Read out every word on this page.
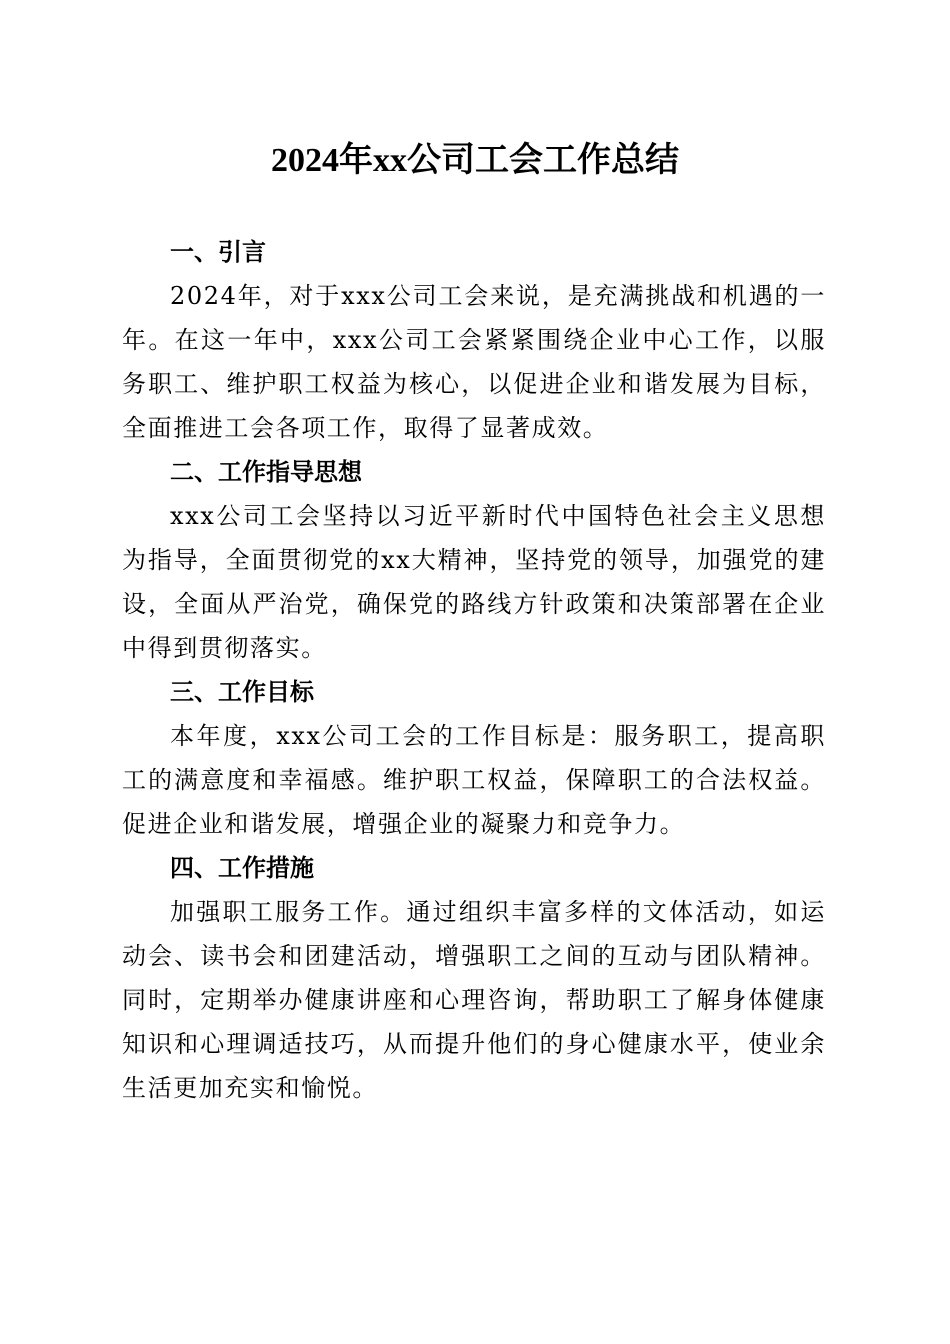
2024年xx公司工会工作总结

一、引言

2024年，对于xxx公司工会来说，是充满挑战和机遇的一年。在这一年中，xxx公司工会紧紧围绕企业中心工作，以服务职工、维护职工权益为核心，以促进企业和谐发展为目标，全面推进工会各项工作，取得了显著成效。

二、工作指导思想

xxx公司工会坚持以习近平新时代中国特色社会主义思想为指导，全面贯彻党的xx大精神，坚持党的领导，加强党的建设，全面从严治党，确保党的路线方针政策和决策部署在企业中得到贯彻落实。

三、工作目标

本年度，xxx公司工会的工作目标是：服务职工，提高职工的满意度和幸福感。维护职工权益，保障职工的合法权益。促进企业和谐发展，增强企业的凝聚力和竞争力。

四、工作措施

加强职工服务工作。通过组织丰富多样的文体活动，如运动会、读书会和团建活动，增强职工之间的互动与团队精神。同时，定期举办健康讲座和心理咨询，帮助职工了解身体健康知识和心理调适技巧，从而提升他们的身心健康水平，使业余生活更加充实和愉悦。
